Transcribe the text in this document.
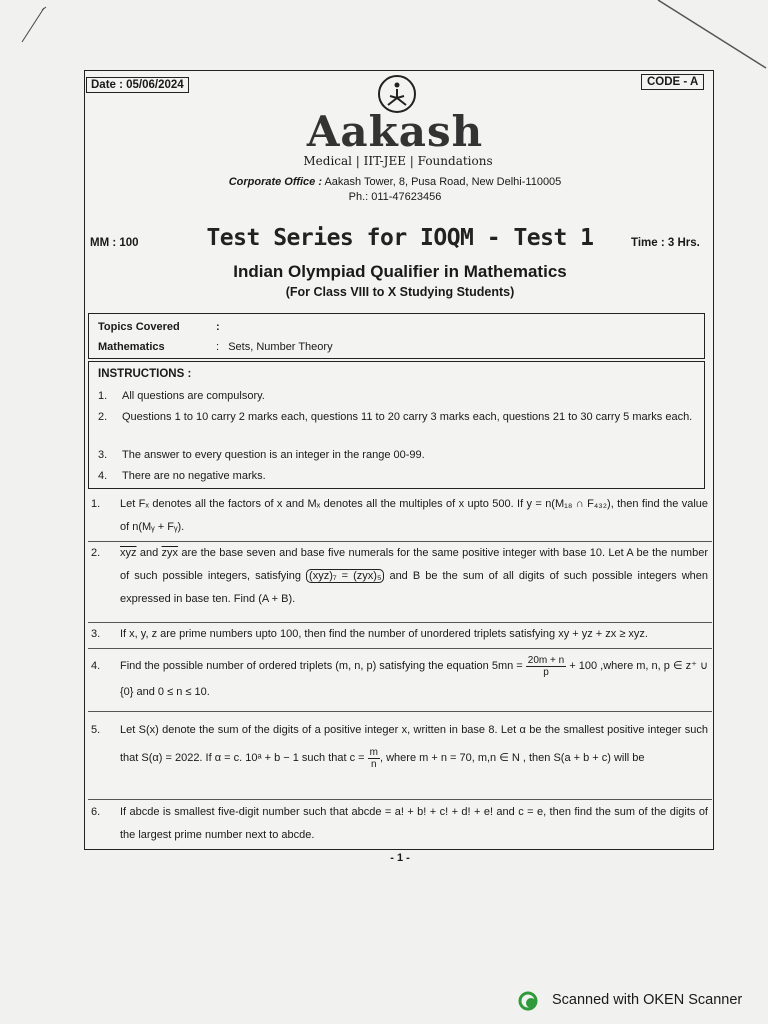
Date : 05/06/2024	CODE - A
Aakash
Medical | IIT-JEE | Foundations
Corporate Office : Aakash Tower, 8, Pusa Road, New Delhi-110005
Ph.: 011-47623456
MM : 100	Test Series for IOQM - Test 1	Time : 3 Hrs.
Indian Olympiad Qualifier in Mathematics
(For Class VIII to X Studying Students)
Topics Covered	:
Mathematics	:   Sets, Number Theory
INSTRUCTIONS :
1. All questions are compulsory.
2. Questions 1 to 10 carry 2 marks each, questions 11 to 20 carry 3 marks each, questions 21 to 30 carry 5 marks each.
3. The answer to every question is an integer in the range 00-99.
4. There are no negative marks.
1. Let Fₓ denotes all the factors of x and Mₓ denotes all the multiples of x upto 500. If y = n(M₁₈ ∩ F₄₃₂), then find the value of n(Mᵧ + Fᵧ).
2. $\overline{xyz}$ and $\overline{zyx}$ are the base seven and base five numerals for the same positive integer with base 10. Let A be the number of such possible integers, satisfying (xyz)₇ = (zyx)₅ and B be the sum of all digits of such possible integers when expressed in base ten. Find (A + B).
3. If x, y, z are prime numbers upto 100, then find the number of unordered triplets satisfying xy + yz + zx ≥ xyz.
4. Find the possible number of ordered triplets (m, n, p) satisfying the equation $5mn = \frac{20m + n}{p} + 100$ ,where m, n, p ∈ z⁺ ∪ {0} and 0 ≤ n ≤ 10.
5. Let S(x) denote the sum of the digits of a positive integer x, written in base 8. Let α be the smallest positive integer such that S(α) = 2022. If α = c. 10ᵃ + b − 1 such that $c = \frac{m}{n}$ , where m + n = 70, m,n ∈ N , then S(a + b + c) will be
6. If abcde is smallest five-digit number such that abcde = a! + b! + c! + d! + e! and c = e, then find the sum of the digits of the largest prime number next to abcde.
- 1 -
Scanned with OKEN Scanner
